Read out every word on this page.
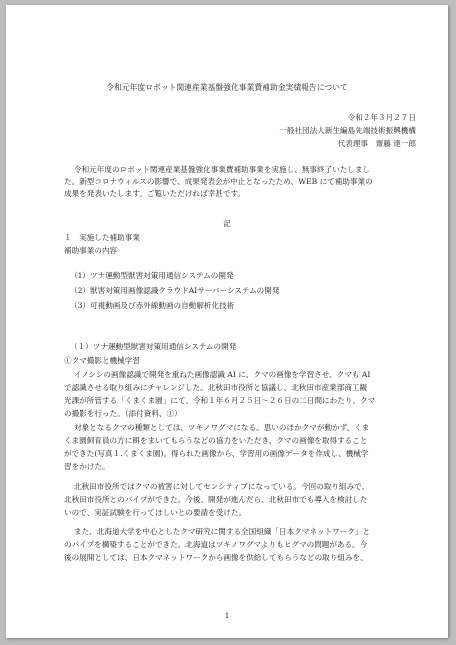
令和元年度ロボット関連産業基盤強化事業費補助金実績報告について
令和２年３月２７日
一般社団法人新生編島先端技術振興機構
代表理事　齋藤 達一郎
令和元年度のロボット関連産業基盤強化事業費補助事業を実施し、無事終了いたしまし
た。新型コロナウィルスの影響で、成果発表会が中止となったため、WEB にて補助事業の
成果を発表いたします。ご覧いただければ幸甚です。
記
１　実施した補助事業
補助事業の内容
（1）ツナ運動型獣害対策用通信システムの開発
（2）獣害対策用画像認識クラウドAIサーバーシステムの開発
（3）可視動画及び赤外線動画の自動解析化技術
（１）ツナ運動型獣害対策用通信システムの開発
①クマ撮影と機械学習
イノシシの画像認識で開発を重ねた画像認識 AI に、クマの画像を学習させ、クマも AI
で認識させる取り組みにチャレンジした。北秋田市役所と協議し、北秋田市産業部商工観
光課が所管する「くまくま園」にて、令和１年６月２５日〜２６日の二日間にわたり、クマ
の撮影を行った。（添付資料、①）
対象となるクマの種類としては、ツキノワグマになる。思いのほかクマが動かず、くま
くま園飼育員の方に餌をまいてもらうなどの協力をいただき、クマの画像を取得すること
ができた(写真１.くまくま園)。得られた画像から、学習用の画像データを作成し、機械学
習をかけた。
北秋田市役所ではクマの被害に対してセンシティブになっている。今回の取り組みで、
北秋田市役所とのパイプができた。今後、開発が進んだら、北秋田市でも導入を検討した
いので、実証試験を行ってほしいとの要請を受けた。
また、北海道大学を中心としたクマ研究に関する全国組織「日本クマネットワーク」と
のパイプを構築することができた。北海道はツキノワグマよりもヒグマの問題がある。今
後の展開としては、日本クマネットワークから画像を供給してもらうなどの取り組みを、
1
